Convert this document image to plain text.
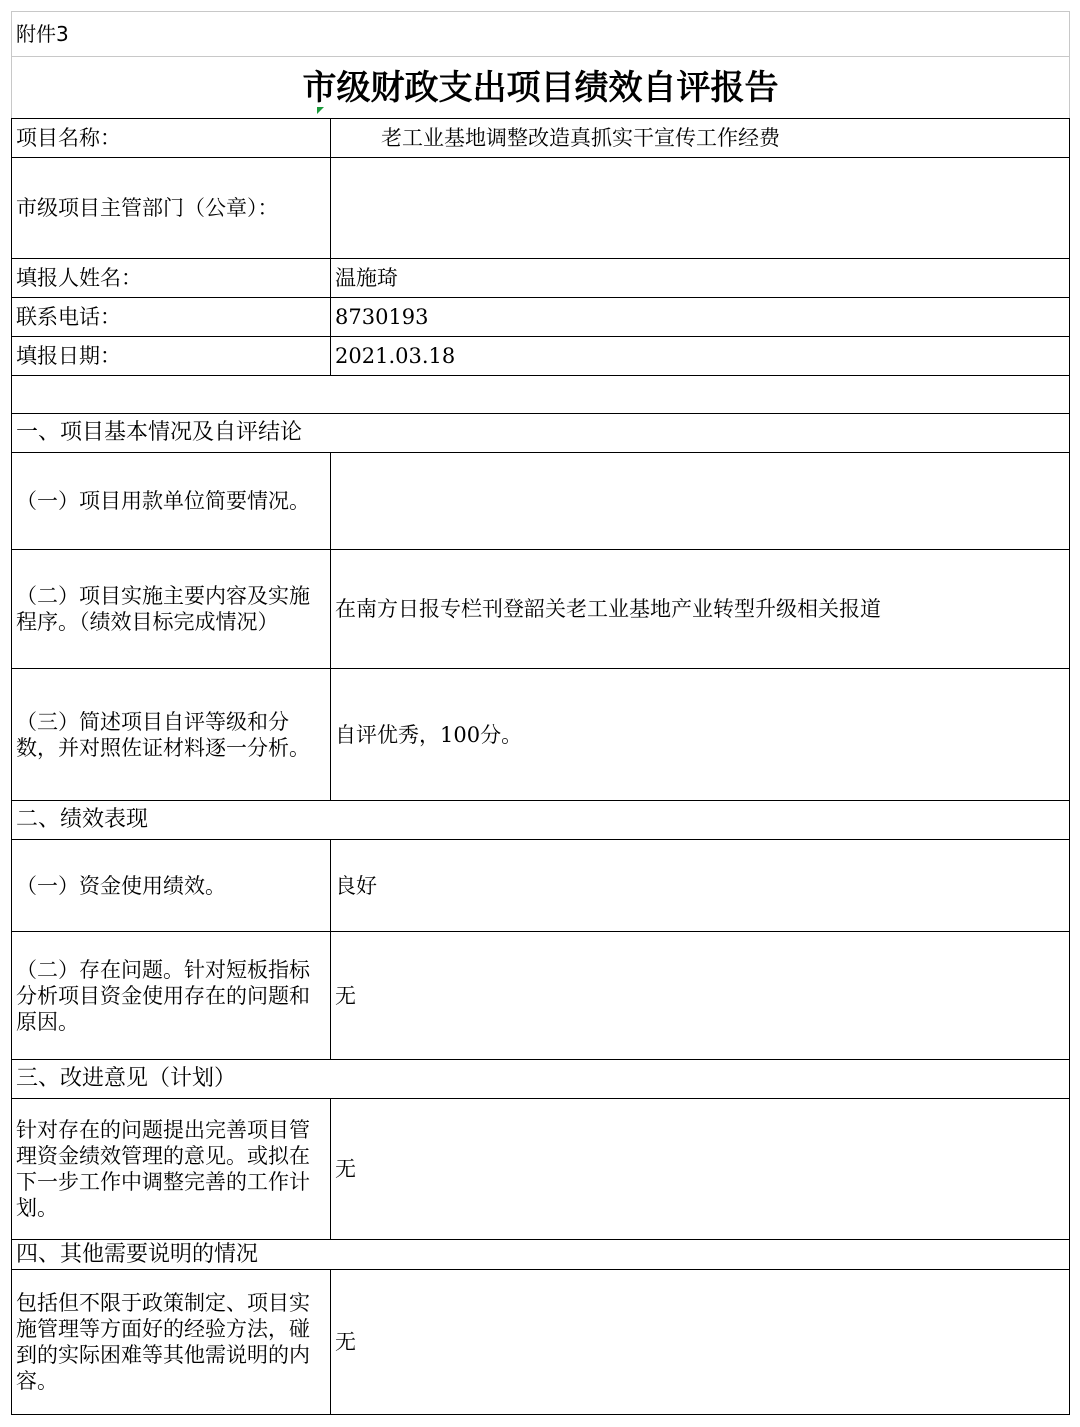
附件3	
市级财政支出项目绩效自评报告	
项目名称：	老工业基地调整改造真抓实干宣传工作经费
市级项目主管部门（公章）：	
填报人姓名：	温施琦
联系电话：	8730193
填报日期：	2021.03.18

一、项目基本情况及自评结论	
（一）项目用款单位简要情况。	
（二）项目实施主要内容及实施程序。（绩效目标完成情况）	在南方日报专栏刊登韶关老工业基地产业转型升级相关报道
（三）简述项目自评等级和分数，并对照佐证材料逐一分析。	自评优秀，100分。
二、绩效表现	
（一）资金使用绩效。	良好
（二）存在问题。针对短板指标分析项目资金使用存在的问题和原因。	无
三、改进意见（计划）	
针对存在的问题提出完善项目管理资金绩效管理的意见。或拟在下一步工作中调整完善的工作计划。	无
四、其他需要说明的情况	
包括但不限于政策制定、项目实施管理等方面好的经验方法，碰到的实际困难等其他需说明的内容。	无
